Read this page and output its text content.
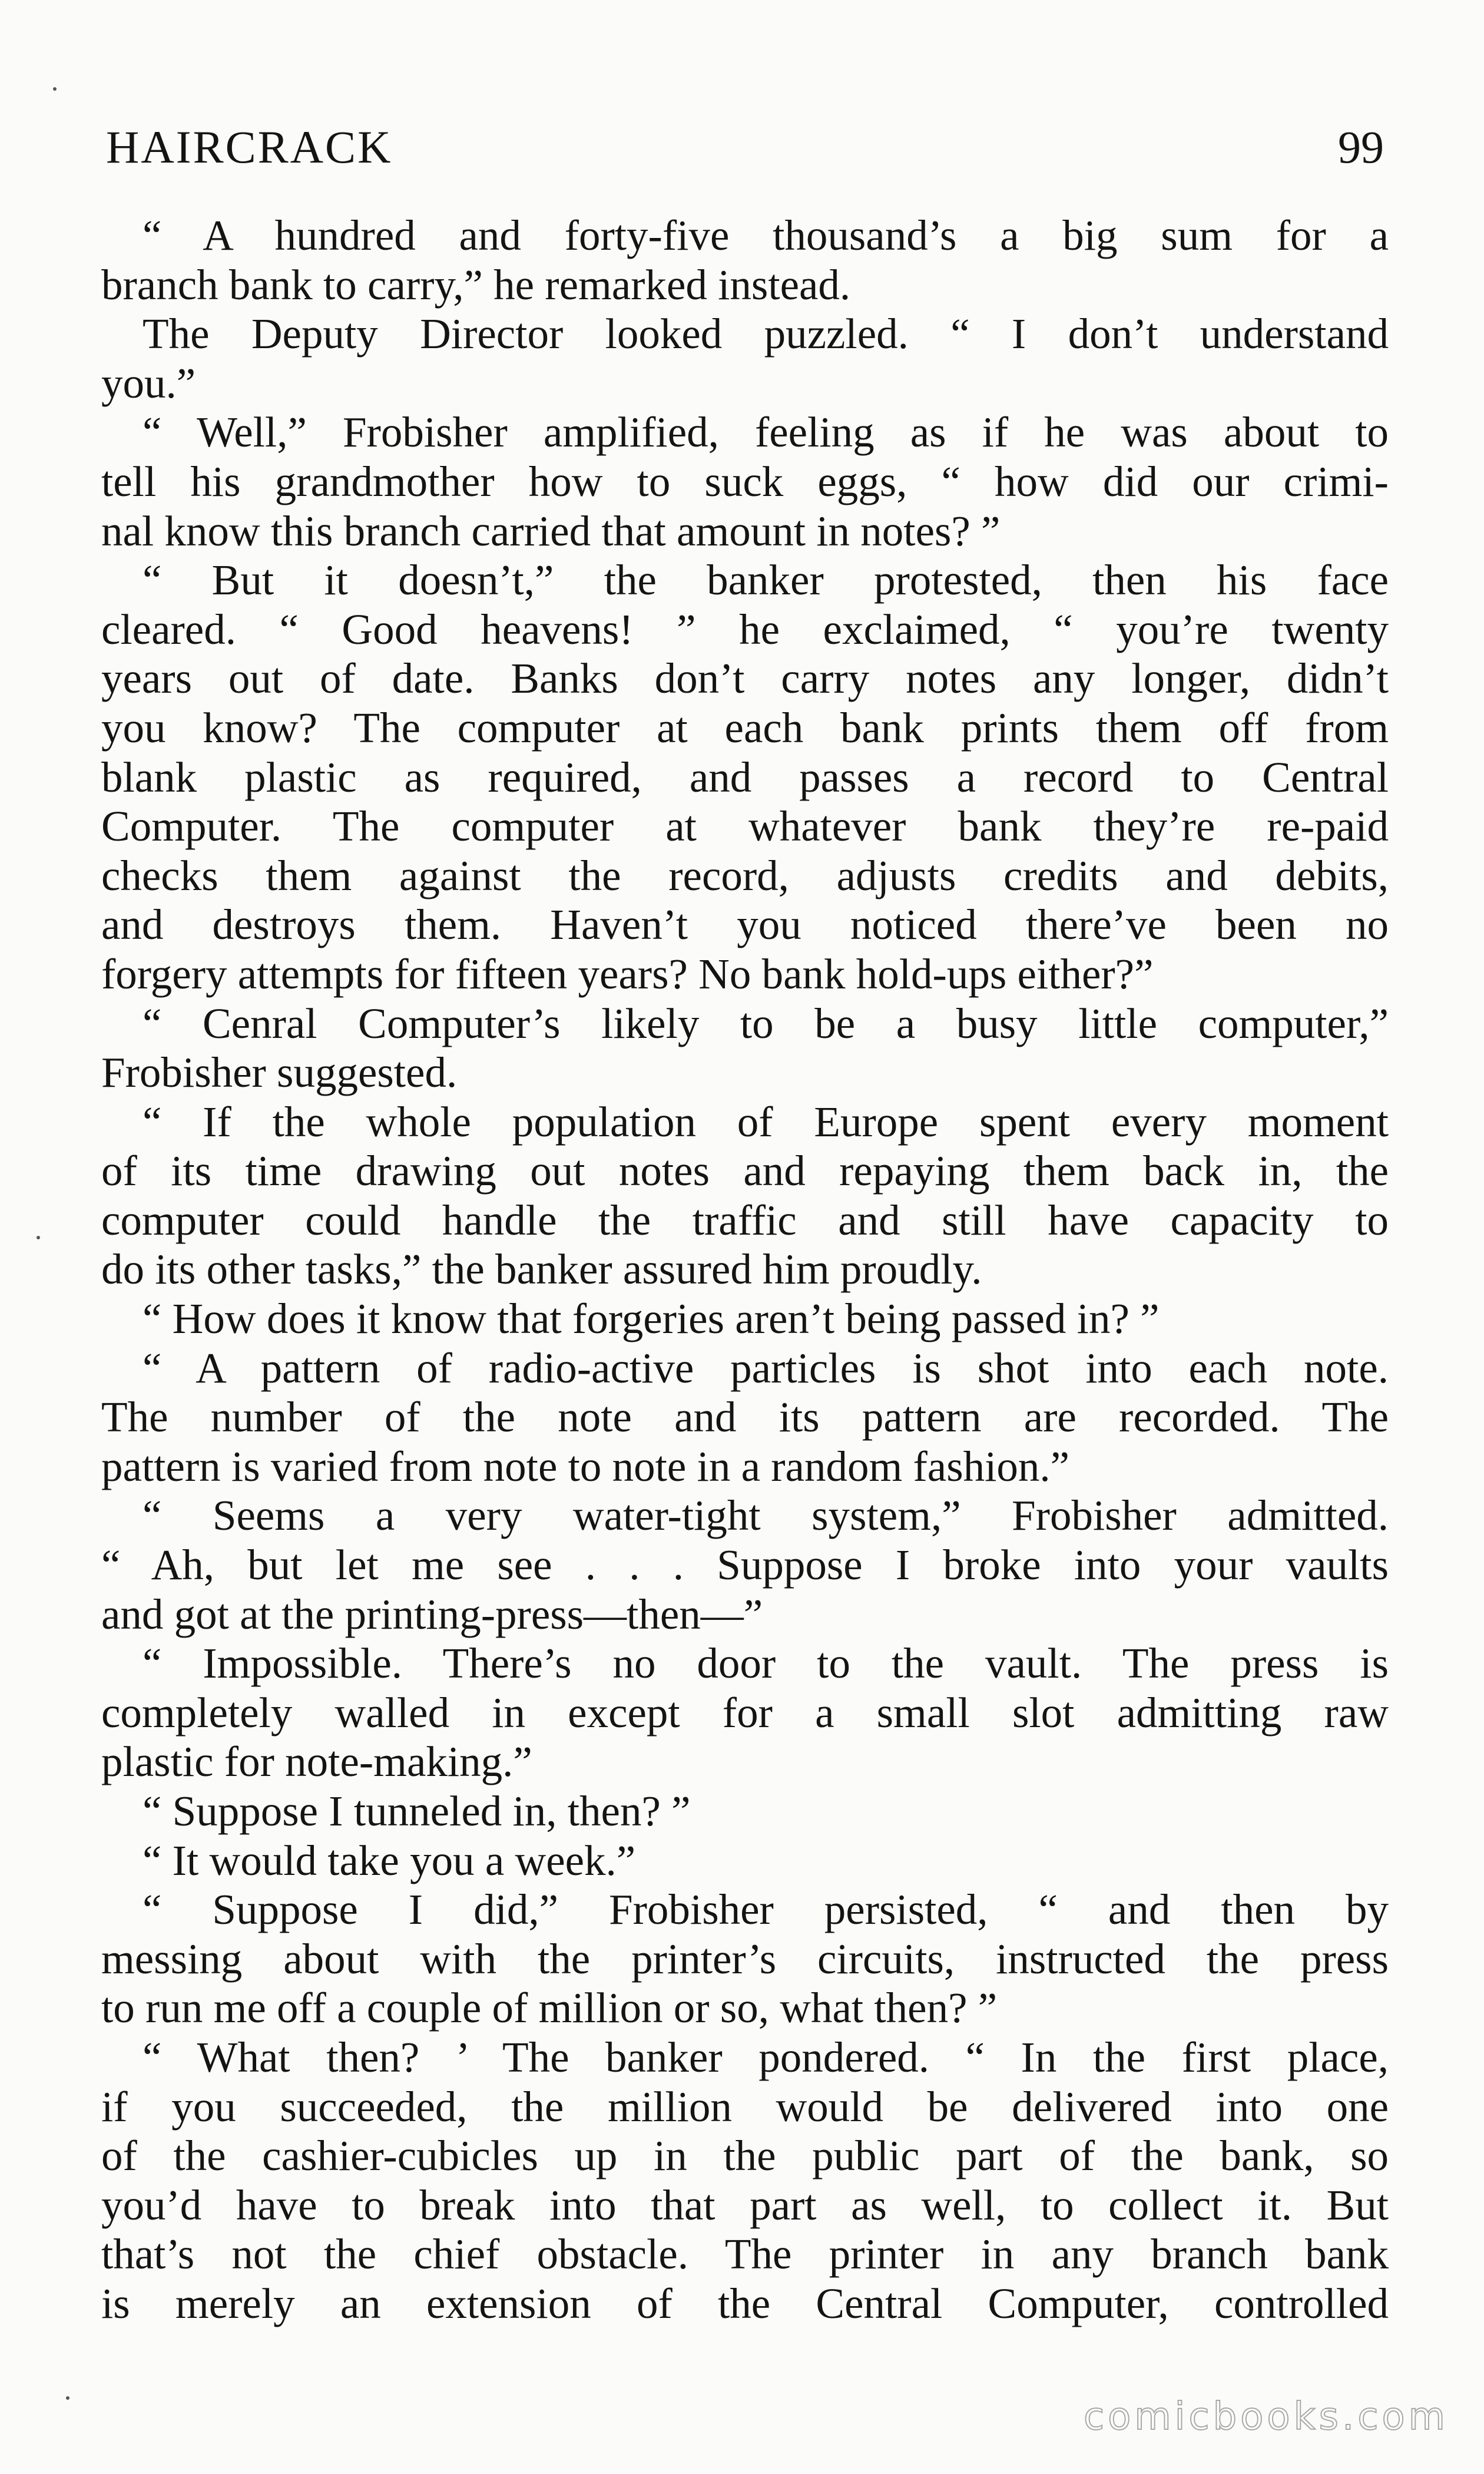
HAIRCRACK	99
“ A hundred and forty-five thousand’s a big sum for a
branch bank to carry,” he remarked instead.
The Deputy Director looked puzzled. “ I don’t understand
you.”
“ Well,” Frobisher amplified, feeling as if he was about to
tell his grandmother how to suck eggs, “ how did our crimi-
nal know this branch carried that amount in notes? ”
“ But it doesn’t,” the banker protested, then his face
cleared. “ Good heavens! ” he exclaimed, “ you’re twenty
years out of date. Banks don’t carry notes any longer, didn’t
you know? The computer at each bank prints them off from
blank plastic as required, and passes a record to Central
Computer. The computer at whatever bank they’re re-paid
checks them against the record, adjusts credits and debits,
and destroys them. Haven’t you noticed there’ve been no
forgery attempts for fifteen years? No bank hold-ups either?”
“ Cenral Computer’s likely to be a busy little computer,”
Frobisher suggested.
“ If the whole population of Europe spent every moment
of its time drawing out notes and repaying them back in, the
computer could handle the traffic and still have capacity to
do its other tasks,” the banker assured him proudly.
“ How does it know that forgeries aren’t being passed in? ”
“ A pattern of radio-active particles is shot into each note.
The number of the note and its pattern are recorded. The
pattern is varied from note to note in a random fashion.”
“ Seems a very water-tight system,” Frobisher admitted.
“ Ah, but let me see . . . Suppose I broke into your vaults
and got at the printing-press—then—”
“ Impossible. There’s no door to the vault. The press is
completely walled in except for a small slot admitting raw
plastic for note-making.”
“ Suppose I tunneled in, then? ”
“ It would take you a week.”
“ Suppose I did,” Frobisher persisted, “ and then by
messing about with the printer’s circuits, instructed the press
to run me off a couple of million or so, what then? ”
“ What then? ’ The banker pondered. “ In the first place,
if you succeeded, the million would be delivered into one
of the cashier-cubicles up in the public part of the bank, so
you’d have to break into that part as well, to collect it. But
that’s not the chief obstacle. The printer in any branch bank
is merely an extension of the Central Computer, controlled
comicbooks.com
